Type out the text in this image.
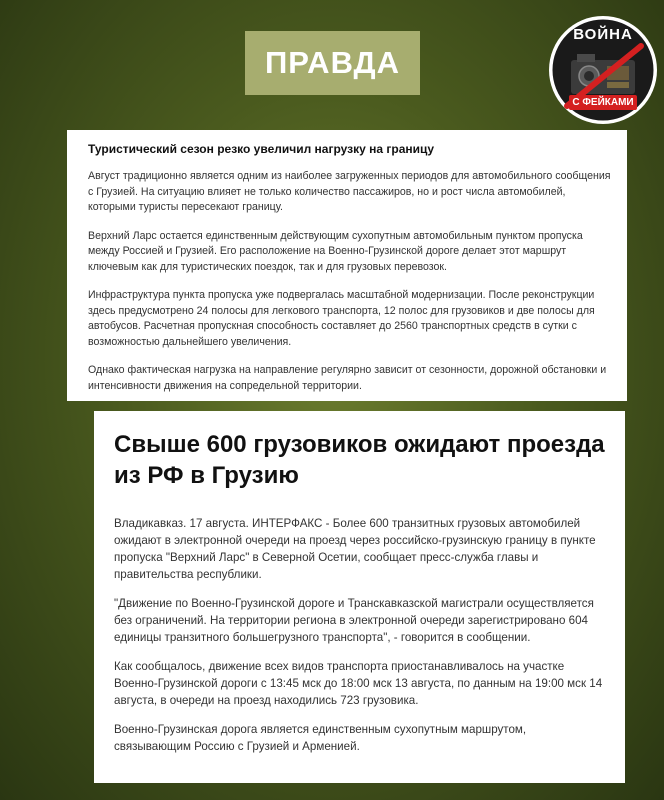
ПРАВДА
ВОЙНА
С ФЕЙКАМИ
Туристический сезон резко увеличил нагрузку на границу

Август традиционно является одним из наиболее загруженных периодов для автомобильного сообщения с Грузией. На ситуацию влияет не только количество пассажиров, но и рост числа автомобилей, которыми туристы пересекают границу.

Верхний Ларс остается единственным действующим сухопутным автомобильным пунктом пропуска между Россией и Грузией. Его расположение на Военно-Грузинской дороге делает этот маршрут ключевым как для туристических поездок, так и для грузовых перевозок.

Инфраструктура пункта пропуска уже подвергалась масштабной модернизации. После реконструкции здесь предусмотрено 24 полосы для легкового транспорта, 12 полос для грузовиков и две полосы для автобусов. Расчетная пропускная способность составляет до 2560 транспортных средств в сутки с возможностью дальнейшего увеличения.

Однако фактическая нагрузка на направление регулярно зависит от сезонности, дорожной обстановки и интенсивности движения на сопредельной территории.

Свыше 600 грузовиков ожидают проезда из РФ в Грузию

Владикавказ. 17 августа. ИНТЕРФАКС - Более 600 транзитных грузовых автомобилей ожидают в электронной очереди на проезд через российско-грузинскую границу в пункте пропуска "Верхний Ларс" в Северной Осетии, сообщает пресс-служба главы и правительства республики.

"Движение по Военно-Грузинской дороге и Транскавказской магистрали осуществляется без ограничений. На территории региона в электронной очереди зарегистрировано 604 единицы транзитного большегрузного транспорта", - говорится в сообщении.

Как сообщалось, движение всех видов транспорта приостанавливалось на участке Военно-Грузинской дороги с 13:45 мск до 18:00 мск 13 августа, по данным на 19:00 мск 14 августа, в очереди на проезд находились 723 грузовика.

Военно-Грузинская дорога является единственным сухопутным маршрутом, связывающим Россию с Грузией и Арменией.
